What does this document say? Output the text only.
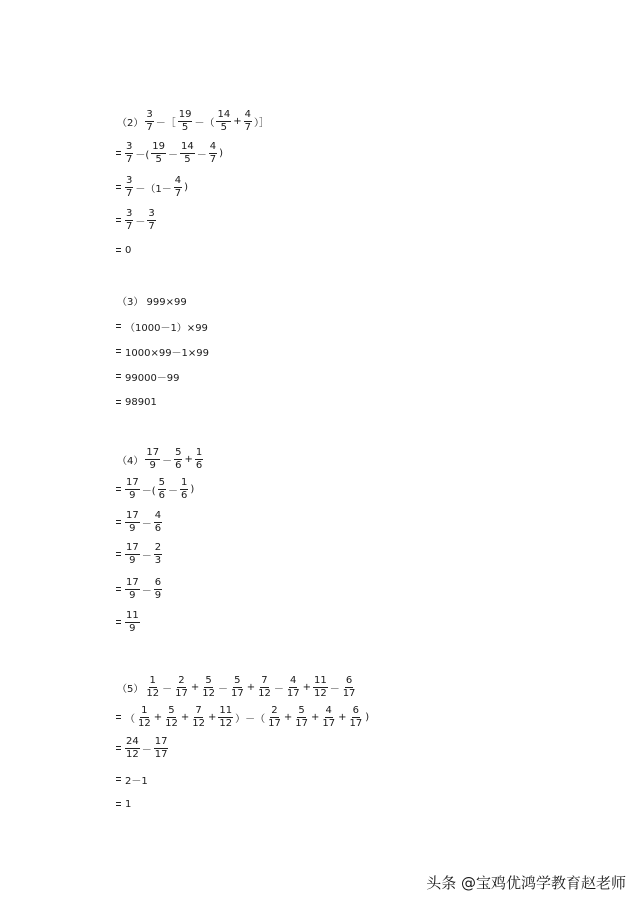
$(2) \frac{3}{7}$ －［ $\frac{19}{5}$ －（ $\frac{14}{5} + \frac{4}{7}$ ）］
$\frac{3}{7}$ －( $\frac{19}{5} - \frac{14}{5} - \frac{4}{7}$ )
$\frac{3}{7} -(1- \frac{4}{7}$ )
$\frac{3}{7} - \frac{3}{7}$
0
（3） 999×99
（1000－1）×99
1000×99－1×99
99000－99
98901
$(4) \frac{17}{9} - \frac{5}{6} + \frac{1}{6}$
$\frac{17}{9}$ －( $\frac{5}{6} - \frac{1}{6}$ )
$\frac{17}{9} - \frac{4}{6}$
$\frac{17}{9} - \frac{2}{3}$
$\frac{17}{9} - \frac{6}{9}$
$\frac{11}{9}$
$(5) \frac{1}{12} - \frac{2}{17} + \frac{5}{12} - \frac{5}{17} + \frac{7}{12} - \frac{4}{17} + \frac{11}{12} - \frac{6}{17}$
（ $\frac{1}{12} + \frac{5}{12} + \frac{7}{12} + \frac{11}{12}$ ）－（ $\frac{2}{17} + \frac{5}{17} + \frac{4}{17} + \frac{6}{17}$ )
$\frac{24}{12} - \frac{17}{17}$
2－1
1
头条 @宝鸡优鸿学教育赵老师
